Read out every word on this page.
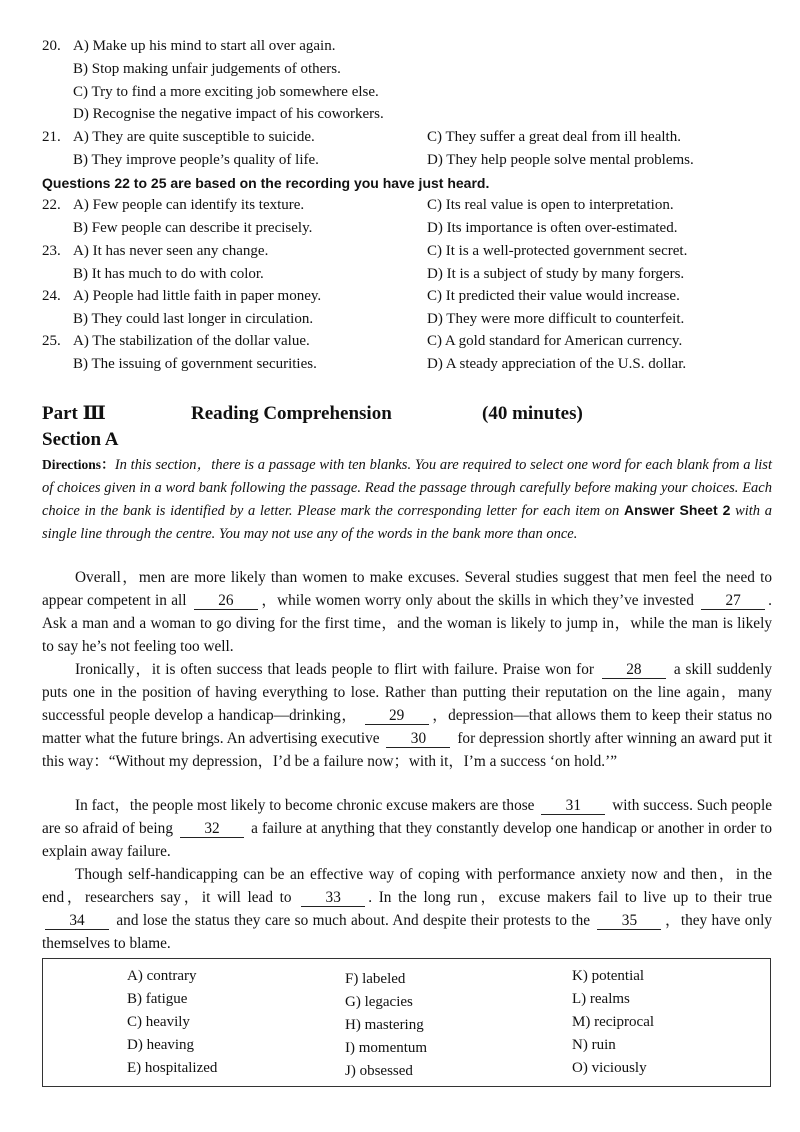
20. A) Make up his mind to start all over again.
B) Stop making unfair judgements of others.
C) Try to find a more exciting job somewhere else.
D) Recognise the negative impact of his coworkers.
21. A) They are quite susceptible to suicide.
B) They improve people’s quality of life.
C) They suffer a great deal from ill health.
D) They help people solve mental problems.
Questions 22 to 25 are based on the recording you have just heard.
22. A) Few people can identify its texture.
B) Few people can describe it precisely.
C) Its real value is open to interpretation.
D) Its importance is often over-estimated.
23. A) It has never seen any change.
B) It has much to do with color.
C) It is a well-protected government secret.
D) It is a subject of study by many forgers.
24. A) People had little faith in paper money.
B) They could last longer in circulation.
C) It predicted their value would increase.
D) They were more difficult to counterfeit.
25. A) The stabilization of the dollar value.
B) The issuing of government securities.
C) A gold standard for American currency.
D) A steady appreciation of the U.S. dollar.
Part Ⅲ	Reading Comprehension	(40 minutes)
Section A
Directions：In this section，there is a passage with ten blanks. You are required to select one word for each blank from a list of choices given in a word bank following the passage. Read the passage through carefully before making your choices. Each choice in the bank is identified by a letter. Please mark the corresponding letter for each item on Answer Sheet 2 with a single line through the centre. You may not use any of the words in the bank more than once.
Overall，men are more likely than women to make excuses. Several studies suggest that men feel the need to appear competent in all 26 ，while women worry only about the skills in which they’ve invested 27 . Ask a man and a woman to go diving for the first time，and the woman is likely to jump in，while the man is likely to say he’s not feeling too well.
Ironically，it is often success that leads people to flirt with failure. Praise won for 28 a skill suddenly puts one in the position of having everything to lose. Rather than putting their reputation on the line again，many successful people develop a handicap—drinking， 29 ，depression—that allows them to keep their status no matter what the future brings. An advertising executive 30 for depression shortly after winning an award put it this way：“Without my depression，I’d be a failure now；with it，I’m a success ‘on hold.’”
In fact，the people most likely to become chronic excuse makers are those 31 with success. Such people are so afraid of being 32 a failure at anything that they constantly develop one handicap or another in order to explain away failure.
Though self-handicapping can be an effective way of coping with performance anxiety now and then，in the end，researchers say，it will lead to 33 . In the long run，excuse makers fail to live up to their true 34 and lose the status they care so much about. And despite their protests to the 35 ，they have only themselves to blame.
A) contrary
B) fatigue
C) heavily
D) heaving
E) hospitalized
F) labeled
G) legacies
H) mastering
I) momentum
J) obsessed
K) potential
L) realms
M) reciprocal
N) ruin
O) viciously
